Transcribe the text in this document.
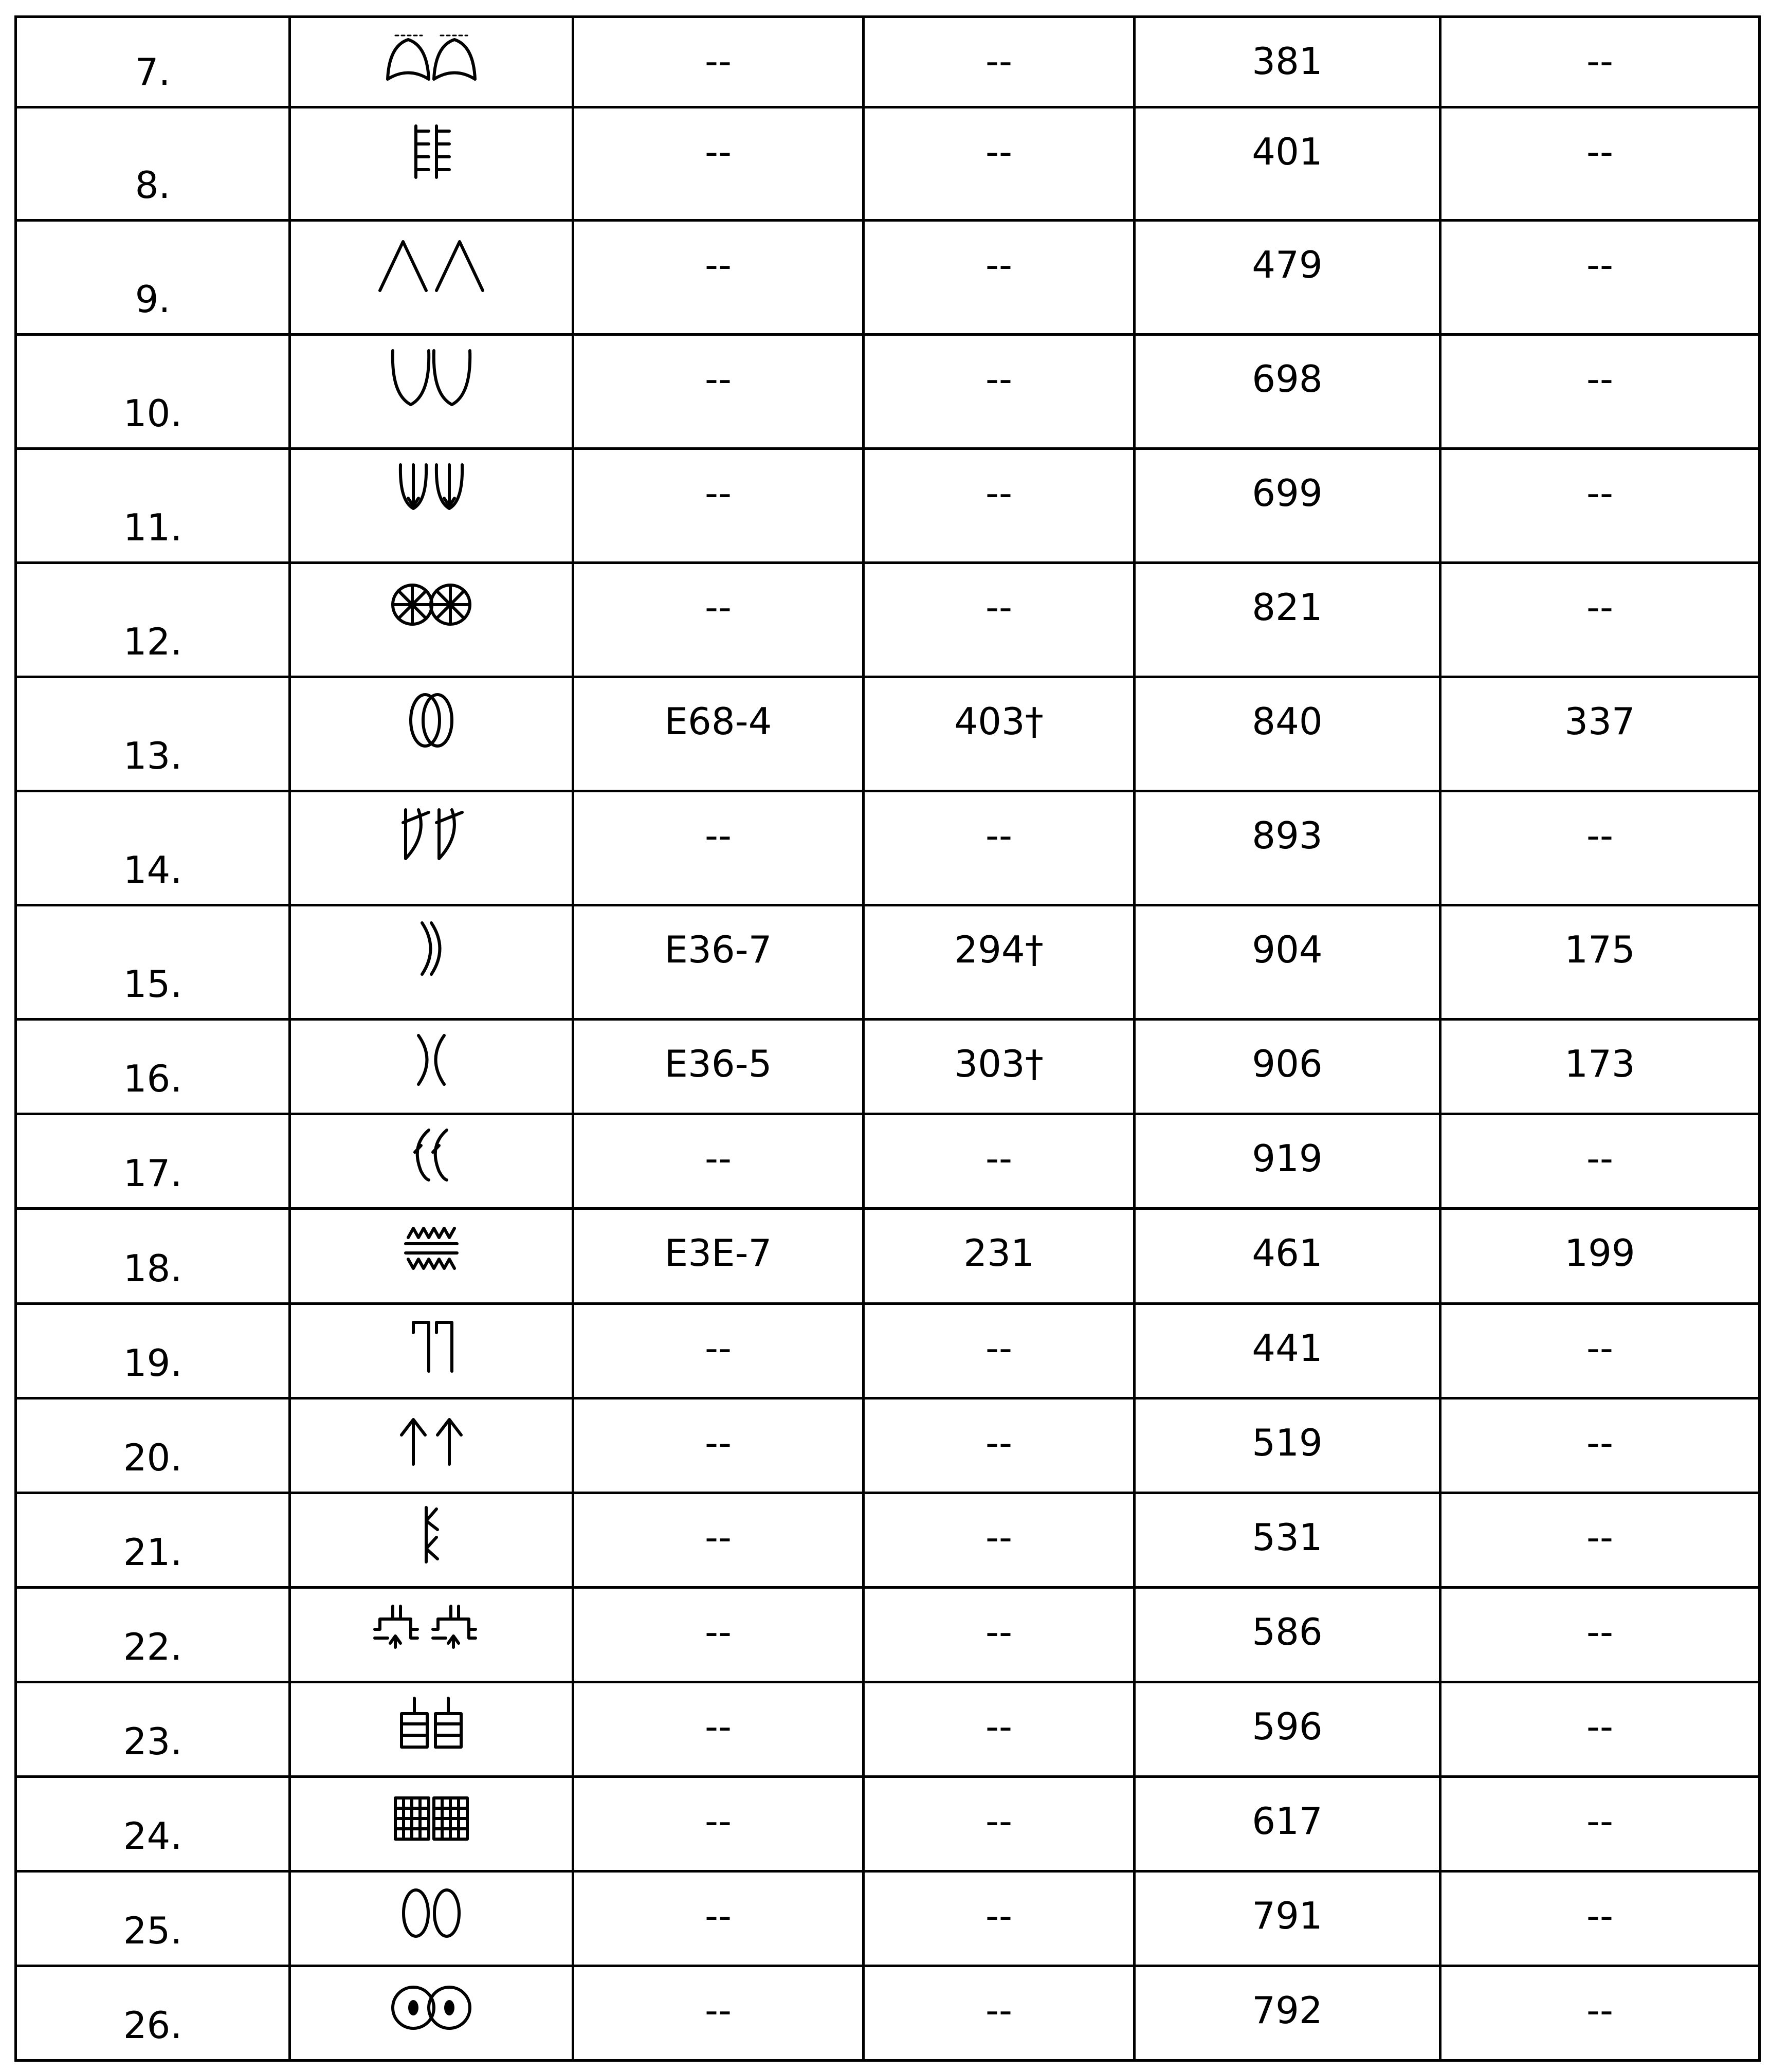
7.		--	--	381	--
8.		--	--	401	--
9.		--	--	479	--
10.		--	--	698	--
11.		--	--	699	--
12.		--	--	821	--
13.		E68-4	403†	840	337
14.		--	--	893	--
15.		E36-7	294†	904	175
16.		E36-5	303†	906	173
17.		--	--	919	--
18.		E3E-7	231	461	199
19.		--	--	441	--
20.		--	--	519	--
21.		--	--	531	--
22.		--	--	586	--
23.		--	--	596	--
24.		--	--	617	--
25.		--	--	791	--
26.		--	--	792	--
